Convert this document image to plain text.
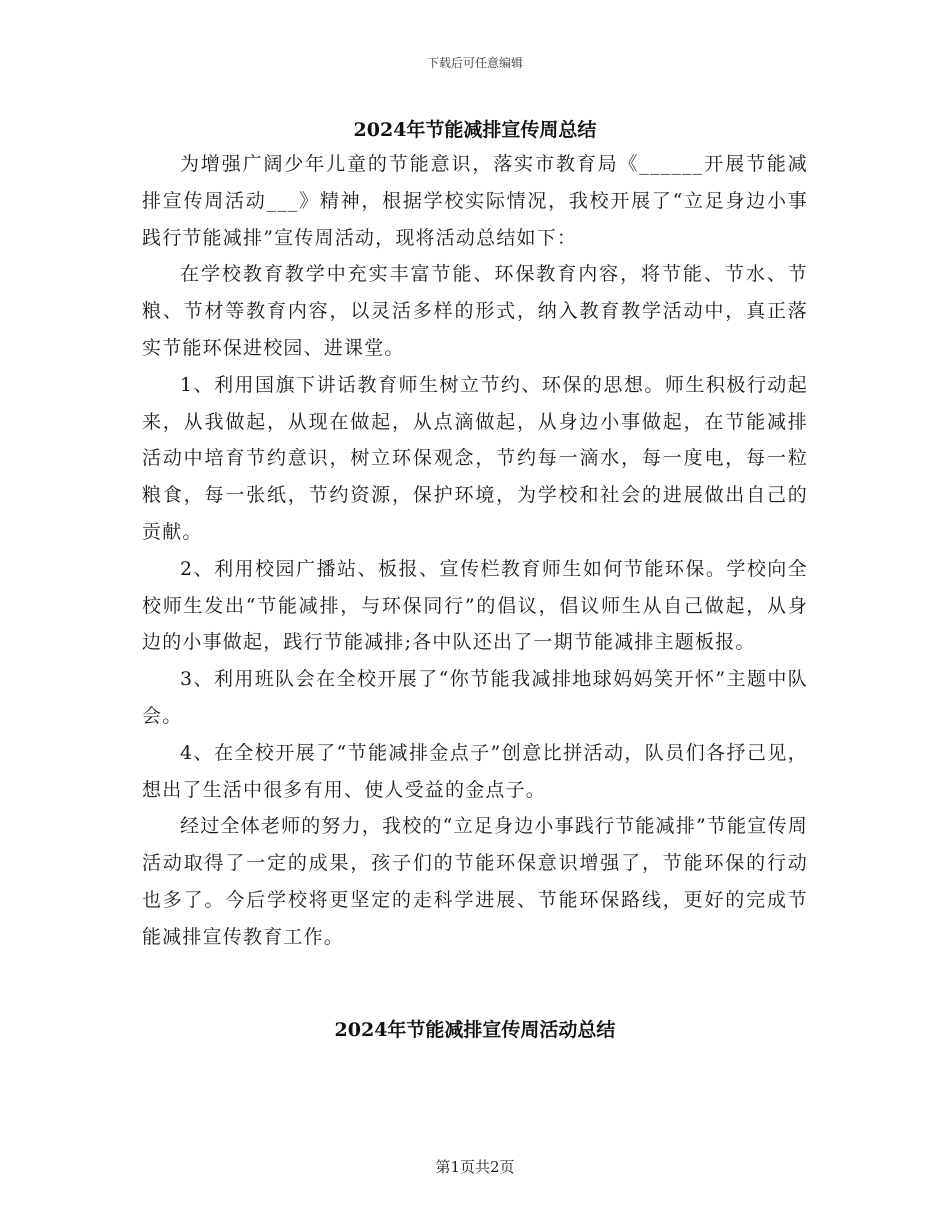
下载后可任意编辑
2024年节能减排宣传周总结

为增强广阔少年儿童的节能意识，落实市教育局《______开展节能减排宣传周活动___》精神，根据学校实际情况，我校开展了“立足身边小事践行节能减排”宣传周活动，现将活动总结如下：

在学校教育教学中充实丰富节能、环保教育内容，将节能、节水、节粮、节材等教育内容，以灵活多样的形式，纳入教育教学活动中，真正落实节能环保进校园、进课堂。

1、利用国旗下讲话教育师生树立节约、环保的思想。师生积极行动起来，从我做起，从现在做起，从点滴做起，从身边小事做起，在节能减排活动中培育节约意识，树立环保观念，节约每一滴水，每一度电，每一粒粮食，每一张纸，节约资源，保护环境，为学校和社会的进展做出自己的贡献。

2、利用校园广播站、板报、宣传栏教育师生如何节能环保。学校向全校师生发出“节能减排，与环保同行”的倡议，倡议师生从自己做起，从身边的小事做起，践行节能减排;各中队还出了一期节能减排主题板报。

3、利用班队会在全校开展了“你节能我减排地球妈妈笑开怀”主题中队会。

4、在全校开展了“节能减排金点子”创意比拼活动，队员们各抒己见，想出了生活中很多有用、使人受益的金点子。

经过全体老师的努力，我校的“立足身边小事践行节能减排”节能宣传周活动取得了一定的成果，孩子们的节能环保意识增强了，节能环保的行动也多了。今后学校将更坚定的走科学进展、节能环保路线，更好的完成节能减排宣传教育工作。

2024年节能减排宣传周活动总结
第1页共2页
